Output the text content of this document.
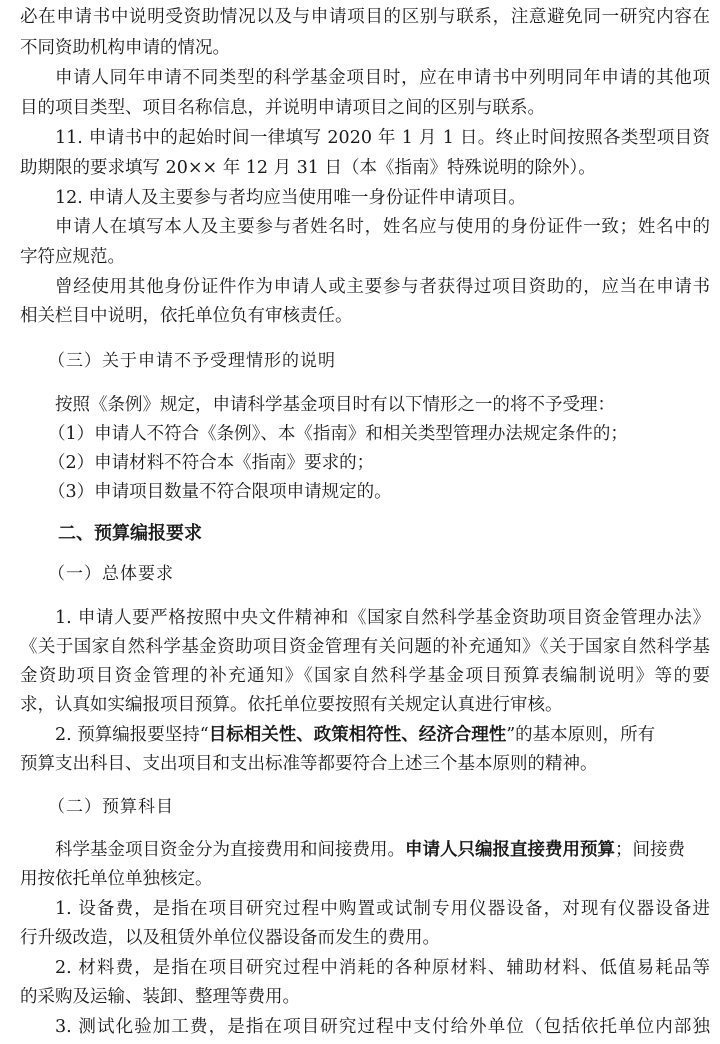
必在申请书中说明受资助情况以及与申请项目的区别与联系，注意避免同一研究内容在
不同资助机构申请的情况。
申请人同年申请不同类型的科学基金项目时，应在申请书中列明同年申请的其他项
目的项目类型、项目名称信息，并说明申请项目之间的区别与联系。
11. 申请书中的起始时间一律填写 2020 年 1 月 1 日。终止时间按照各类型项目资
助期限的要求填写 20×× 年 12 月 31 日（本《指南》特殊说明的除外）。
12. 申请人及主要参与者均应当使用唯一身份证件申请项目。
申请人在填写本人及主要参与者姓名时，姓名应与使用的身份证件一致；姓名中的
字符应规范。
曾经使用其他身份证件作为申请人或主要参与者获得过项目资助的，应当在申请书
相关栏目中说明，依托单位负有审核责任。
（三）关于申请不予受理情形的说明
按照《条例》规定，申请科学基金项目时有以下情形之一的将不予受理：
（1）申请人不符合《条例》、本《指南》和相关类型管理办法规定条件的；
（2）申请材料不符合本《指南》要求的；
（3）申请项目数量不符合限项申请规定的。
二、预算编报要求
（一）总体要求
1. 申请人要严格按照中央文件精神和《国家自然科学基金资助项目资金管理办法》
《关于国家自然科学基金资助项目资金管理有关问题的补充通知》《关于国家自然科学基
金资助项目资金管理的补充通知》《国家自然科学基金项目预算表编制说明》等的要
求，认真如实编报项目预算。依托单位要按照有关规定认真进行审核。
2. 预算编报要坚持“目标相关性、政策相符性、经济合理性”的基本原则，所有
预算支出科目、支出项目和支出标准等都要符合上述三个基本原则的精神。
（二）预算科目
科学基金项目资金分为直接费用和间接费用。申请人只编报直接费用预算；间接费
用按依托单位单独核定。
1. 设备费，是指在项目研究过程中购置或试制专用仪器设备，对现有仪器设备进
行升级改造，以及租赁外单位仪器设备而发生的费用。
2. 材料费，是指在项目研究过程中消耗的各种原材料、辅助材料、低值易耗品等
的采购及运输、装卸、整理等费用。
3. 测试化验加工费，是指在项目研究过程中支付给外单位（包括依托单位内部独
